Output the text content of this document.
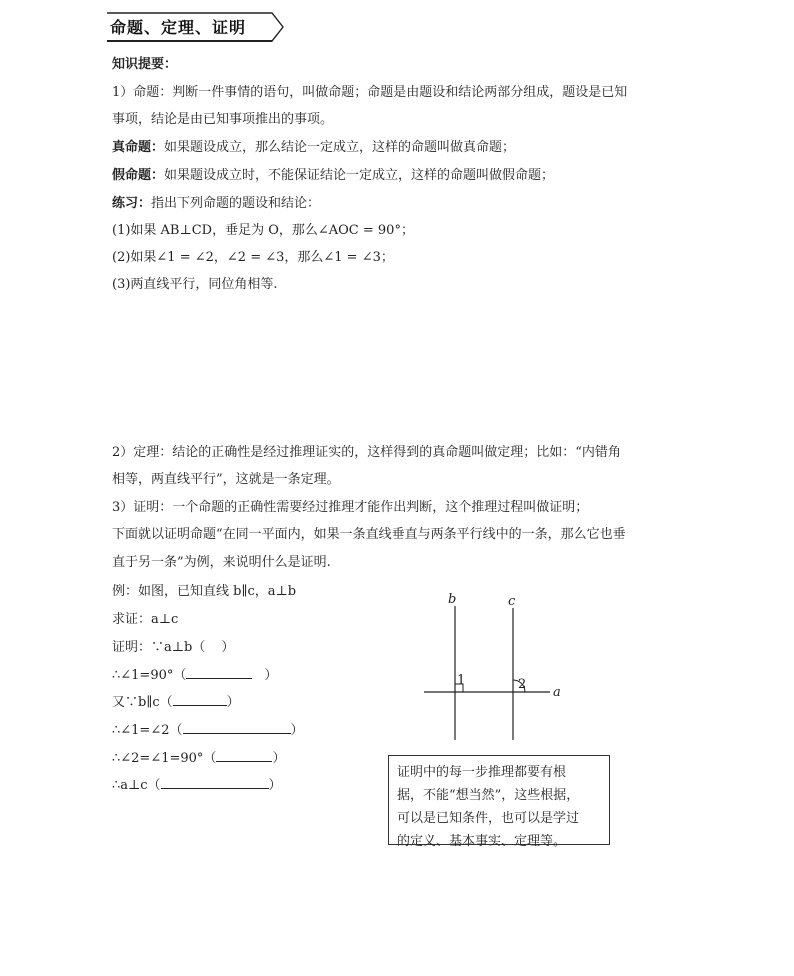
命题、定理、证明
知识提要：
1）命题：判断一件事情的语句，叫做命题；命题是由题设和结论两部分组成，题设是已知
事项，结论是由已知事项推出的事项。
真命题：如果题设成立，那么结论一定成立，这样的命题叫做真命题；
假命题：如果题设成立时，不能保证结论一定成立，这样的命题叫做假命题；
练习：指出下列命题的题设和结论：
(1)如果 AB⊥CD，垂足为 O，那么∠AOC = 90°；
(2)如果∠1 = ∠2，∠2 = ∠3，那么∠1 = ∠3；
(3)两直线平行，同位角相等.
2）定理：结论的正确性是经过推理证实的，这样得到的真命题叫做定理；比如：“内错角
相等，两直线平行”，这就是一条定理。
3）证明：一个命题的正确性需要经过推理才能作出判断，这个推理过程叫做证明；
下面就以证明命题“在同一平面内，如果一条直线垂直与两条平行线中的一条，那么它也垂
直于另一条”为例，来说明什么是证明.
例：如图，已知直线 b∥c，a⊥b
求证：a⊥c
证明：∵a⊥b（ ）
∴∠1=90°（	）
又∵b∥c（	）
∴∠1=∠2（	）
∴∠2=∠1=90°（	）
∴a⊥c（	）
b	c
a
1	2
证明中的每一步推理都要有根
据，不能“想当然”，这些根据，
可以是已知条件，也可以是学过
的定义、基本事实、定理等。
